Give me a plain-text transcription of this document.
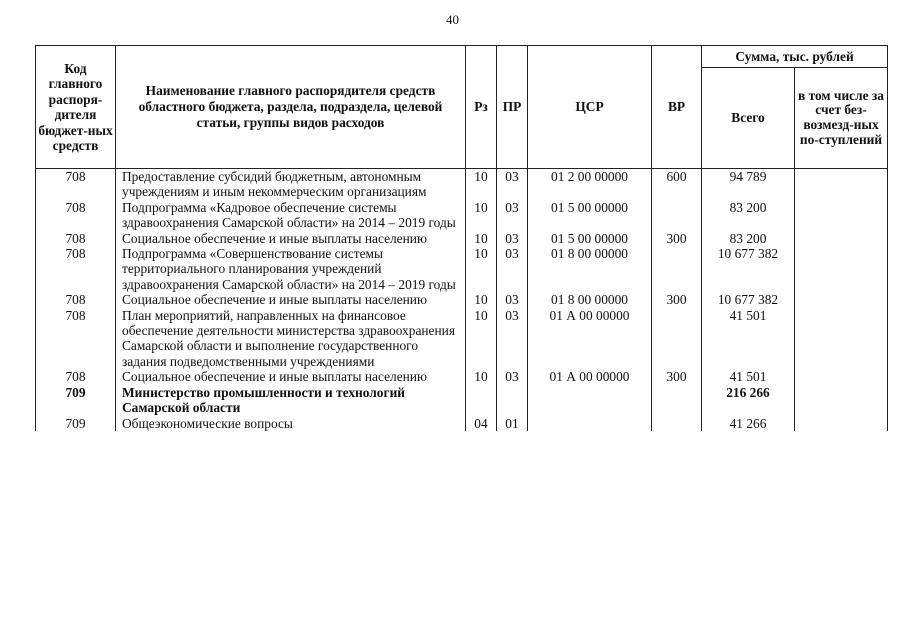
40
Код главного распоря-дителя бюджет-ных средств	Наименование главного распорядителя средств областного бюджета, раздела, подраздела, целевой статьи, группы видов расходов	Рз	ПР	ЦСР	ВР	Сумма, тыс. рублей	
						Всего	в том числе за счет без-возмезд-ных по-ступлений
708	Предоставление субсидий бюджетным, автономным учреждениям и иным некоммерческим организациям	10	03	01 2 00 00000	600	94 789	
708	Подпрограмма «Кадровое обеспечение системы здравоохранения Самарской области» на 2014 – 2019 годы	10	03	01 5 00 00000		83 200	
708	Социальное обеспечение и иные выплаты населению	10	03	01 5 00 00000	300	83 200	
708	Подпрограмма «Совершенствование системы территориального планирования учреждений здравоохранения Самарской области» на 2014 – 2019 годы	10	03	01 8 00 00000		10 677 382	
708	Социальное обеспечение и иные выплаты населению	10	03	01 8 00 00000	300	10 677 382	
708	План мероприятий, направленных на финансовое обеспечение деятельности министерства здравоохранения Самарской области и выполнение государственного задания подведомственными учреждениями	10	03	01 А 00 00000		41 501	
708	Социальное обеспечение и иные выплаты населению	10	03	01 А 00 00000	300	41 501	
709	Министерство промышленности и технологий Самарской области					216 266	
709	Общеэкономические вопросы	04	01			41 266	
